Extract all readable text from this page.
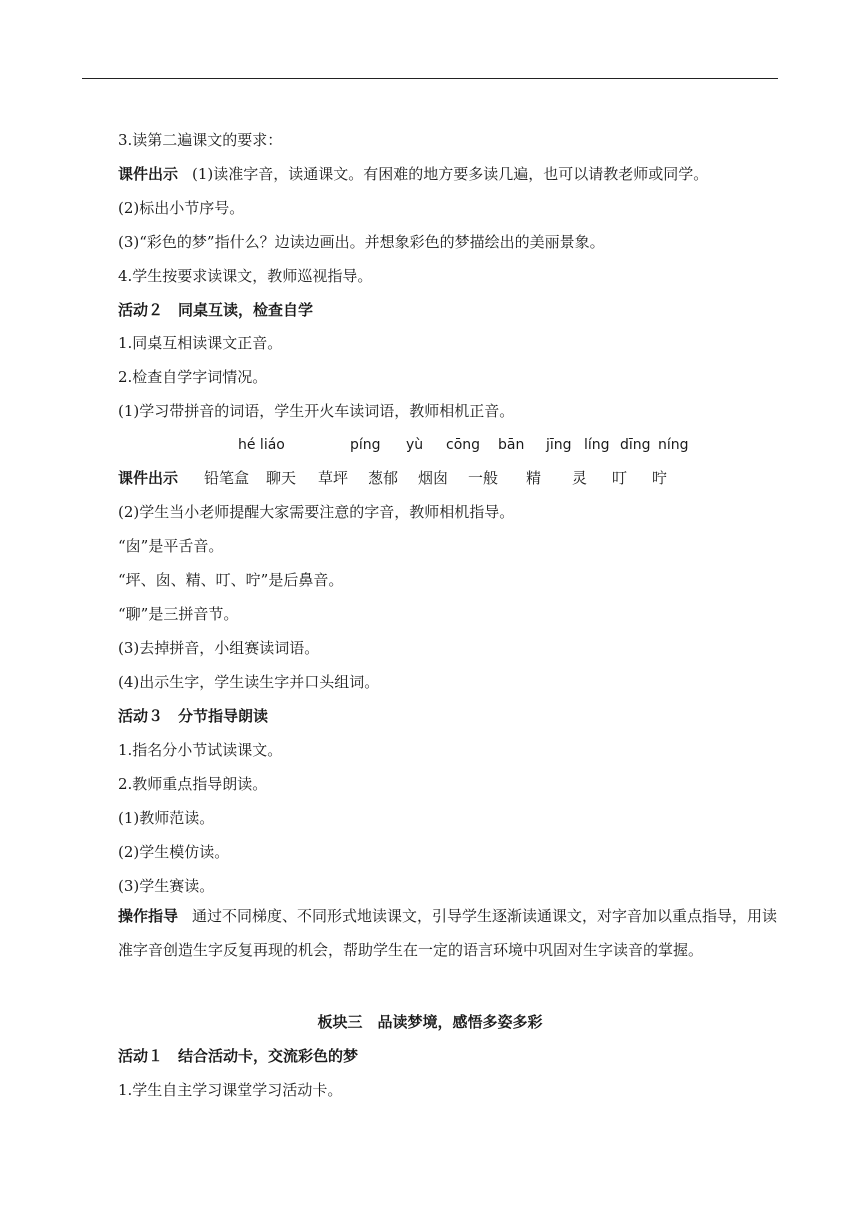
3.读第二遍课文的要求：
课件出示 (1)读准字音，读通课文。有困难的地方要多读几遍，也可以请教老师或同学。
(2)标出小节序号。
(3)“彩色的梦”指什么？边读边画出。并想象彩色的梦描绘出的美丽景象。
4.学生按要求读课文，教师巡视指导。
活动２　同桌互读，检查自学
1.同桌互相读课文正音。
2.检查自学字词情况。
(1)学习带拼音的词语，学生开火车读词语，教师相机正音。
hé liáo	píng yù cōng bān jīng líng dīng níng
课件出示 铅笔盒 聊天 草坪 葱郁 烟囱 一般 精 灵 叮 咛
(2)学生当小老师提醒大家需要注意的字音，教师相机指导。
“囱”是平舌音。
“坪、囱、精、叮、咛”是后鼻音。
“聊”是三拼音节。
(3)去掉拼音，小组赛读词语。
(4)出示生字，学生读生字并口头组词。
活动３　分节指导朗读
1.指名分小节试读课文。
2.教师重点指导朗读。
(1)教师范读。
(2)学生模仿读。
(3)学生赛读。
操作指导 通过不同梯度、不同形式地读课文，引导学生逐渐读通课文，对字音加以重点指导，用读准字音创造生字反复再现的机会，帮助学生在一定的语言环境中巩固对生字读音的掌握。
板块三　品读梦境，感悟多姿多彩
活动１　结合活动卡，交流彩色的梦
1.学生自主学习课堂学习活动卡。
